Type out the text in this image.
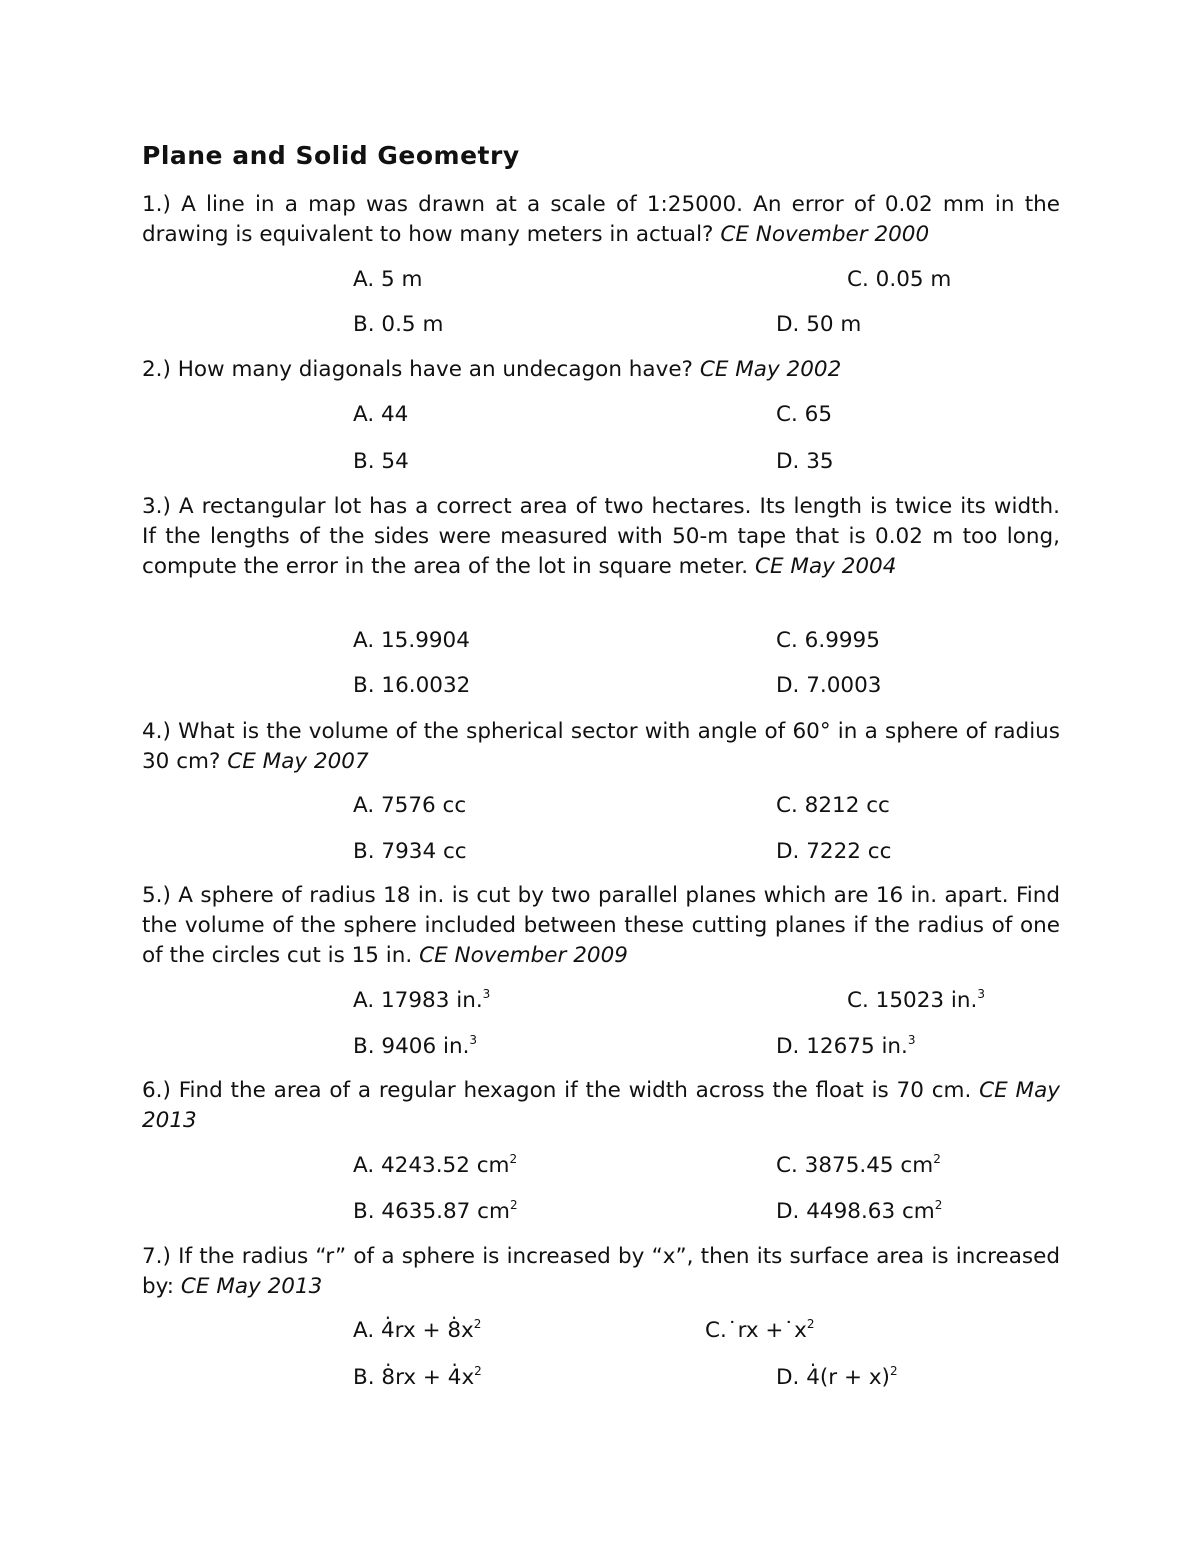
Plane and Solid Geometry

1.) A line in a map was drawn at a scale of 1:25000. An error of 0.02 mm in the drawing is equivalent to how many meters in actual? CE November 2000

A. 5 m	C. 0.05 m

B. 0.5 m	D. 50 m

2.) How many diagonals have an undecagon have? CE May 2002

A. 44	C. 65

B. 54	D. 35

3.) A rectangular lot has a correct area of two hectares. Its length is twice its width. If the lengths of the sides were measured with 50-m tape that is 0.02 m too long, compute the error in the area of the lot in square meter. CE May 2004

A. 15.9904	C. 6.9995

B. 16.0032	D. 7.0003

4.) What is the volume of the spherical sector with angle of 60° in a sphere of radius 30 cm? CE May 2007

A. 7576 cc	C. 8212 cc

B. 7934 cc	D. 7222 cc

5.) A sphere of radius 18 in. is cut by two parallel planes which are 16 in. apart. Find the volume of the sphere included between these cutting planes if the radius of one of the circles cut is 15 in. CE November 2009

A. 17983 in.$^3$	C. 15023 in.$^3$

B. 9406 in.$^3$	D. 12675 in.$^3$

6.) Find the area of a regular hexagon if the width across the float is 70 cm. CE May 2013

A. 4243.52 $cm^2$	C. 3875.45 $cm^2$

B. 4635.87 $cm^2$	D. 4498.63 $cm^2$

7.) If the radius “r” of a sphere is increased by “x”, then its surface area is increased by: CE May 2013

A. 4̇rx + $8̇x^2$	C.˙rx $+˙x^2$

B. 8̇rx + $4̇x^2$	D. 4̇(r + x)$^2$
